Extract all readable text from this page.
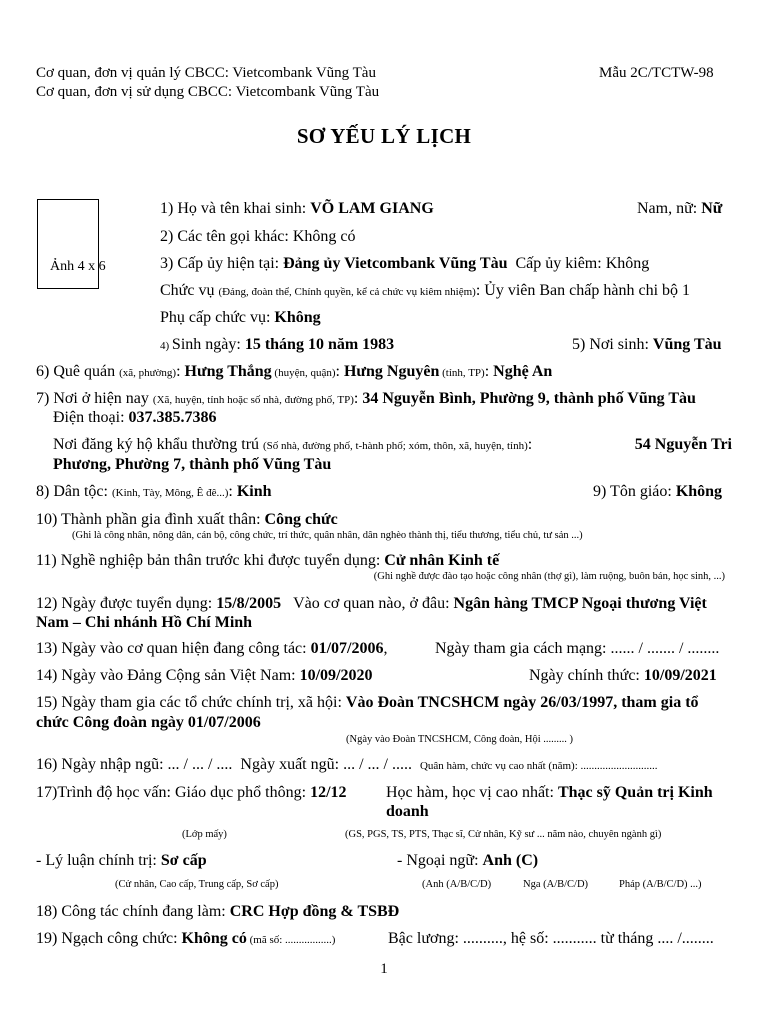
Cơ quan, đơn vị quản lý CBCC: Vietcombank Vũng Tàu
Cơ quan, đơn vị sử dụng CBCC: Vietcombank Vũng Tàu
Mẫu 2C/TCTW-98
SƠ YẾU LÝ LỊCH
Ảnh 4 x 6
1) Họ và tên khai sinh: VÕ LAM GIANG	Nam, nữ: Nữ
2) Các tên gọi khác: Không có
3) Cấp ủy hiện tại: Đảng ủy Vietcombank Vũng Tàu Cấp ủy kiêm: Không
Chức vụ (Đảng, đoàn thể, Chính quyền, kể cả chức vụ kiêm nhiệm): Ủy viên Ban chấp hành chi bộ 1
Phụ cấp chức vụ: Không
4) Sinh ngày: 15 tháng 10 năm 1983	5) Nơi sinh: Vũng Tàu
6) Quê quán (xã, phường): Hưng Thắng (huyện, quận): Hưng Nguyên (tỉnh, TP): Nghệ An
7) Nơi ở hiện nay (Xã, huyện, tỉnh hoặc số nhà, đường phố, TP): 34 Nguyễn Bình, Phường 9, thành phố Vũng Tàu
Điện thoại: 037.385.7386
Nơi đăng ký hộ khẩu thường trú (Số nhà, đường phố, t-hành phố; xóm, thôn, xã, huyện, tỉnh):	54 Nguyễn Tri
Phương, Phường 7, thành phố Vũng Tàu
8) Dân tộc: (Kinh, Tày, Mông, Ê đê...): Kinh	9) Tôn giáo: Không
10) Thành phần gia đình xuất thân: Công chức
(Ghi là công nhân, nông dân, cán bộ, công chức, trí thức, quân nhân, dân nghèo thành thị, tiểu thương, tiểu chủ, tư sản ...)
11) Nghề nghiệp bản thân trước khi được tuyển dụng: Cử nhân Kinh tế
(Ghi nghề được đào tạo hoặc công nhân (thợ gì), làm ruộng, buôn bán, học sinh, ...)
12) Ngày được tuyển dụng: 15/8/2005 Vào cơ quan nào, ở đâu: Ngân hàng TMCP Ngoại thương Việt
Nam – Chi nhánh Hồ Chí Minh
13) Ngày vào cơ quan hiện đang công tác: 01/07/2006,	Ngày tham gia cách mạng: ...... / ....... / ........
14) Ngày vào Đảng Cộng sản Việt Nam: 10/09/2020	Ngày chính thức: 10/09/2021
15) Ngày tham gia các tổ chức chính trị, xã hội: Vào Đoàn TNCSHCM ngày 26/03/1997, tham gia tổ
chức Công đoàn ngày 01/07/2006
(Ngày vào Đoàn TNCSHCM, Công đoàn, Hội ......... )
16) Ngày nhập ngũ: ... / ... / .... Ngày xuất ngũ: ... / ... / ..... Quân hàm, chức vụ cao nhất (năm): ............................
17)Trình độ học vấn: Giáo dục phổ thông: 12/12 Học hàm, học vị cao nhất: Thạc sỹ Quản trị Kinh
doanh
(Lớp mấy)	(GS, PGS, TS, PTS, Thạc sĩ, Cử nhân, Kỹ sư ... năm nào, chuyên ngành gì)
- Lý luận chính trị: Sơ cấp	- Ngoại ngữ: Anh (C)
(Cử nhân, Cao cấp, Trung cấp, Sơ cấp)	(Anh (A/B/C/D)	Nga (A/B/C/D)	Pháp (A/B/C/D) ...)
18) Công tác chính đang làm: CRC Hợp đồng & TSBĐ
19) Ngạch công chức: Không có (mã số: .................)	Bậc lương: .........., hệ số: ........... từ tháng .... /........
1
